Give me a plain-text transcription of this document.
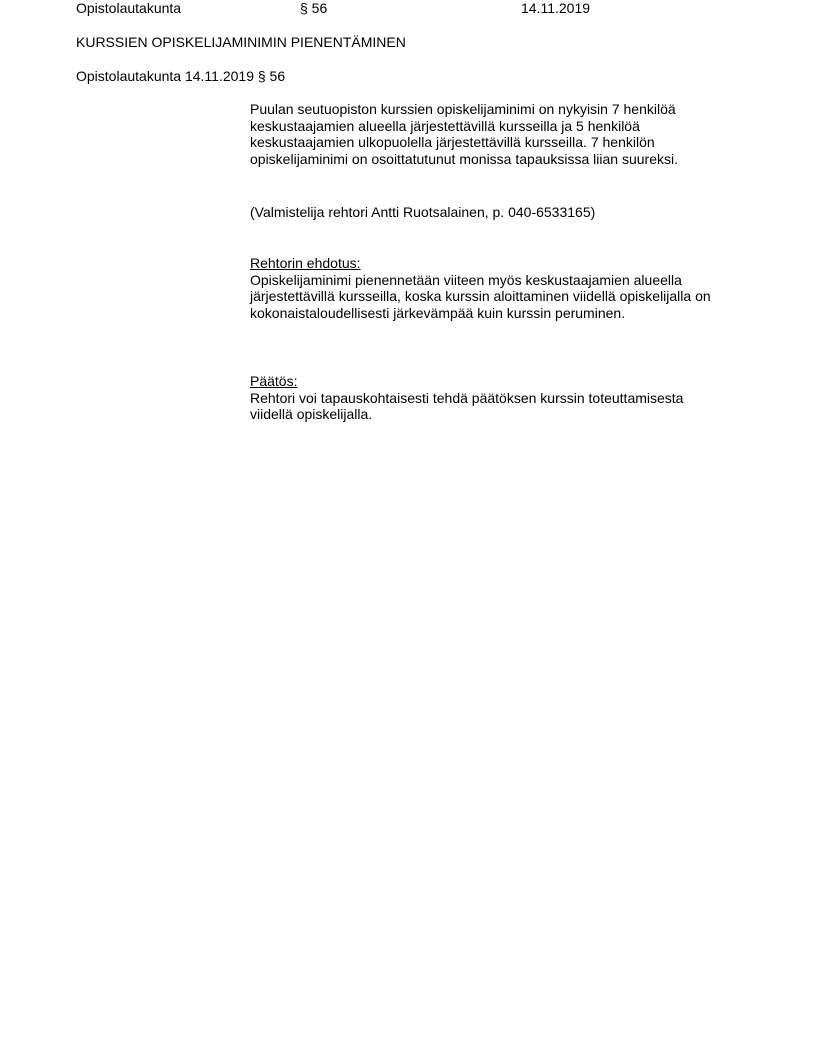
Opistolautakunta	§ 56	14.11.2019
KURSSIEN OPISKELIJAMINIMIN PIENENTÄMINEN
Opistolautakunta 14.11.2019 § 56
Puulan seutuopiston kurssien opiskelijaminimi on nykyisin 7 henkilöä
keskustaajamien alueella järjestettävillä kursseilla ja 5 henkilöä
keskustaajamien ulkopuolella järjestettävillä kursseilla. 7 henkilön
opiskelijaminimi on osoittatutunut monissa tapauksissa liian suureksi.
(Valmistelija rehtori Antti Ruotsalainen, p. 040-6533165)
Rehtorin ehdotus:
Opiskelijaminimi pienennetään viiteen myös keskustaajamien alueella
järjestettävillä kursseilla, koska kurssin aloittaminen viidellä opiskelijalla on
kokonaistaloudellisesti järkevämpää kuin kurssin peruminen.
Päätös:
Rehtori voi tapauskohtaisesti tehdä päätöksen kurssin toteuttamisesta
viidellä opiskelijalla.
